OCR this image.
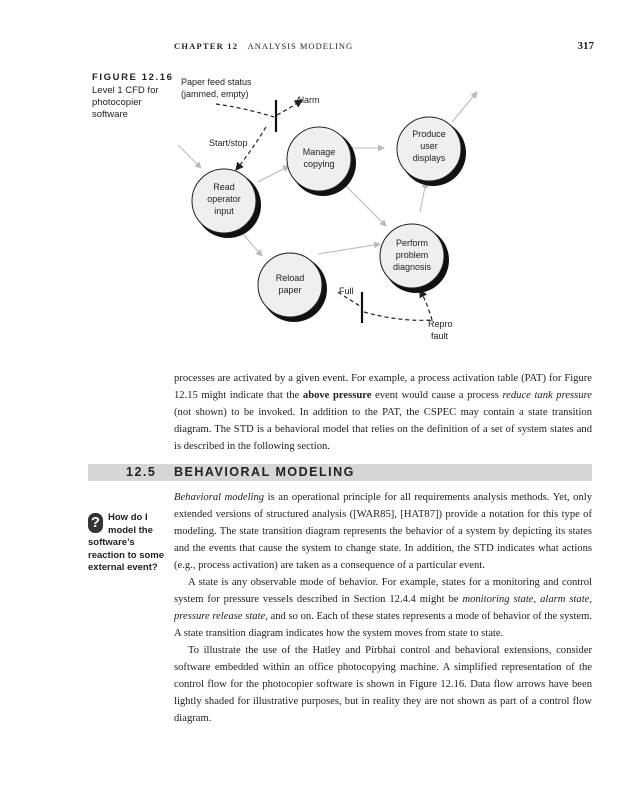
CHAPTER 12 ANALYSIS MODELING	317
FIGURE 12.16
Level 1 CFD for photocopier software
Read
operator
input
Manage
copying
Produce
user
displays
Perform
problem
diagnosis
Reload
paper
Paper feed status
(jammed, empty)
Alarm
Start/stop
Full
Repro
fault

processes are activated by a given event. For example, a process activation table (PAT) for Figure 12.15 might indicate that the above pressure event would cause a process reduce tank pressure (not shown) to be invoked. In addition to the PAT, the CSPEC may contain a state transition diagram. The STD is a behavioral model that relies on the definition of a set of system states and is described in the following section.

12.5 BEHAVIORAL MODELING
? How do I model the software’s reaction to some external event?

Behavioral modeling is an operational principle for all requirements analysis methods. Yet, only extended versions of structured analysis ([WAR85], [HAT87]) provide a notation for this type of modeling. The state transition diagram represents the behavior of a system by depicting its states and the events that cause the system to change state. In addition, the STD indicates what actions (e.g., process activation) are taken as a consequence of a particular event.

A state is any observable mode of behavior. For example, states for a monitoring and control system for pressure vessels described in Section 12.4.4 might be monitoring state, alarm state, pressure release state, and so on. Each of these states represents a mode of behavior of the system. A state transition diagram indicates how the system moves from state to state.

To illustrate the use of the Hatley and Pirbhai control and behavioral extensions, consider software embedded within an office photocopying machine. A simplified representation of the control flow for the photocopier software is shown in Figure 12.16. Data flow arrows have been lightly shaded for illustrative purposes, but in reality they are not shown as part of a control flow diagram.
